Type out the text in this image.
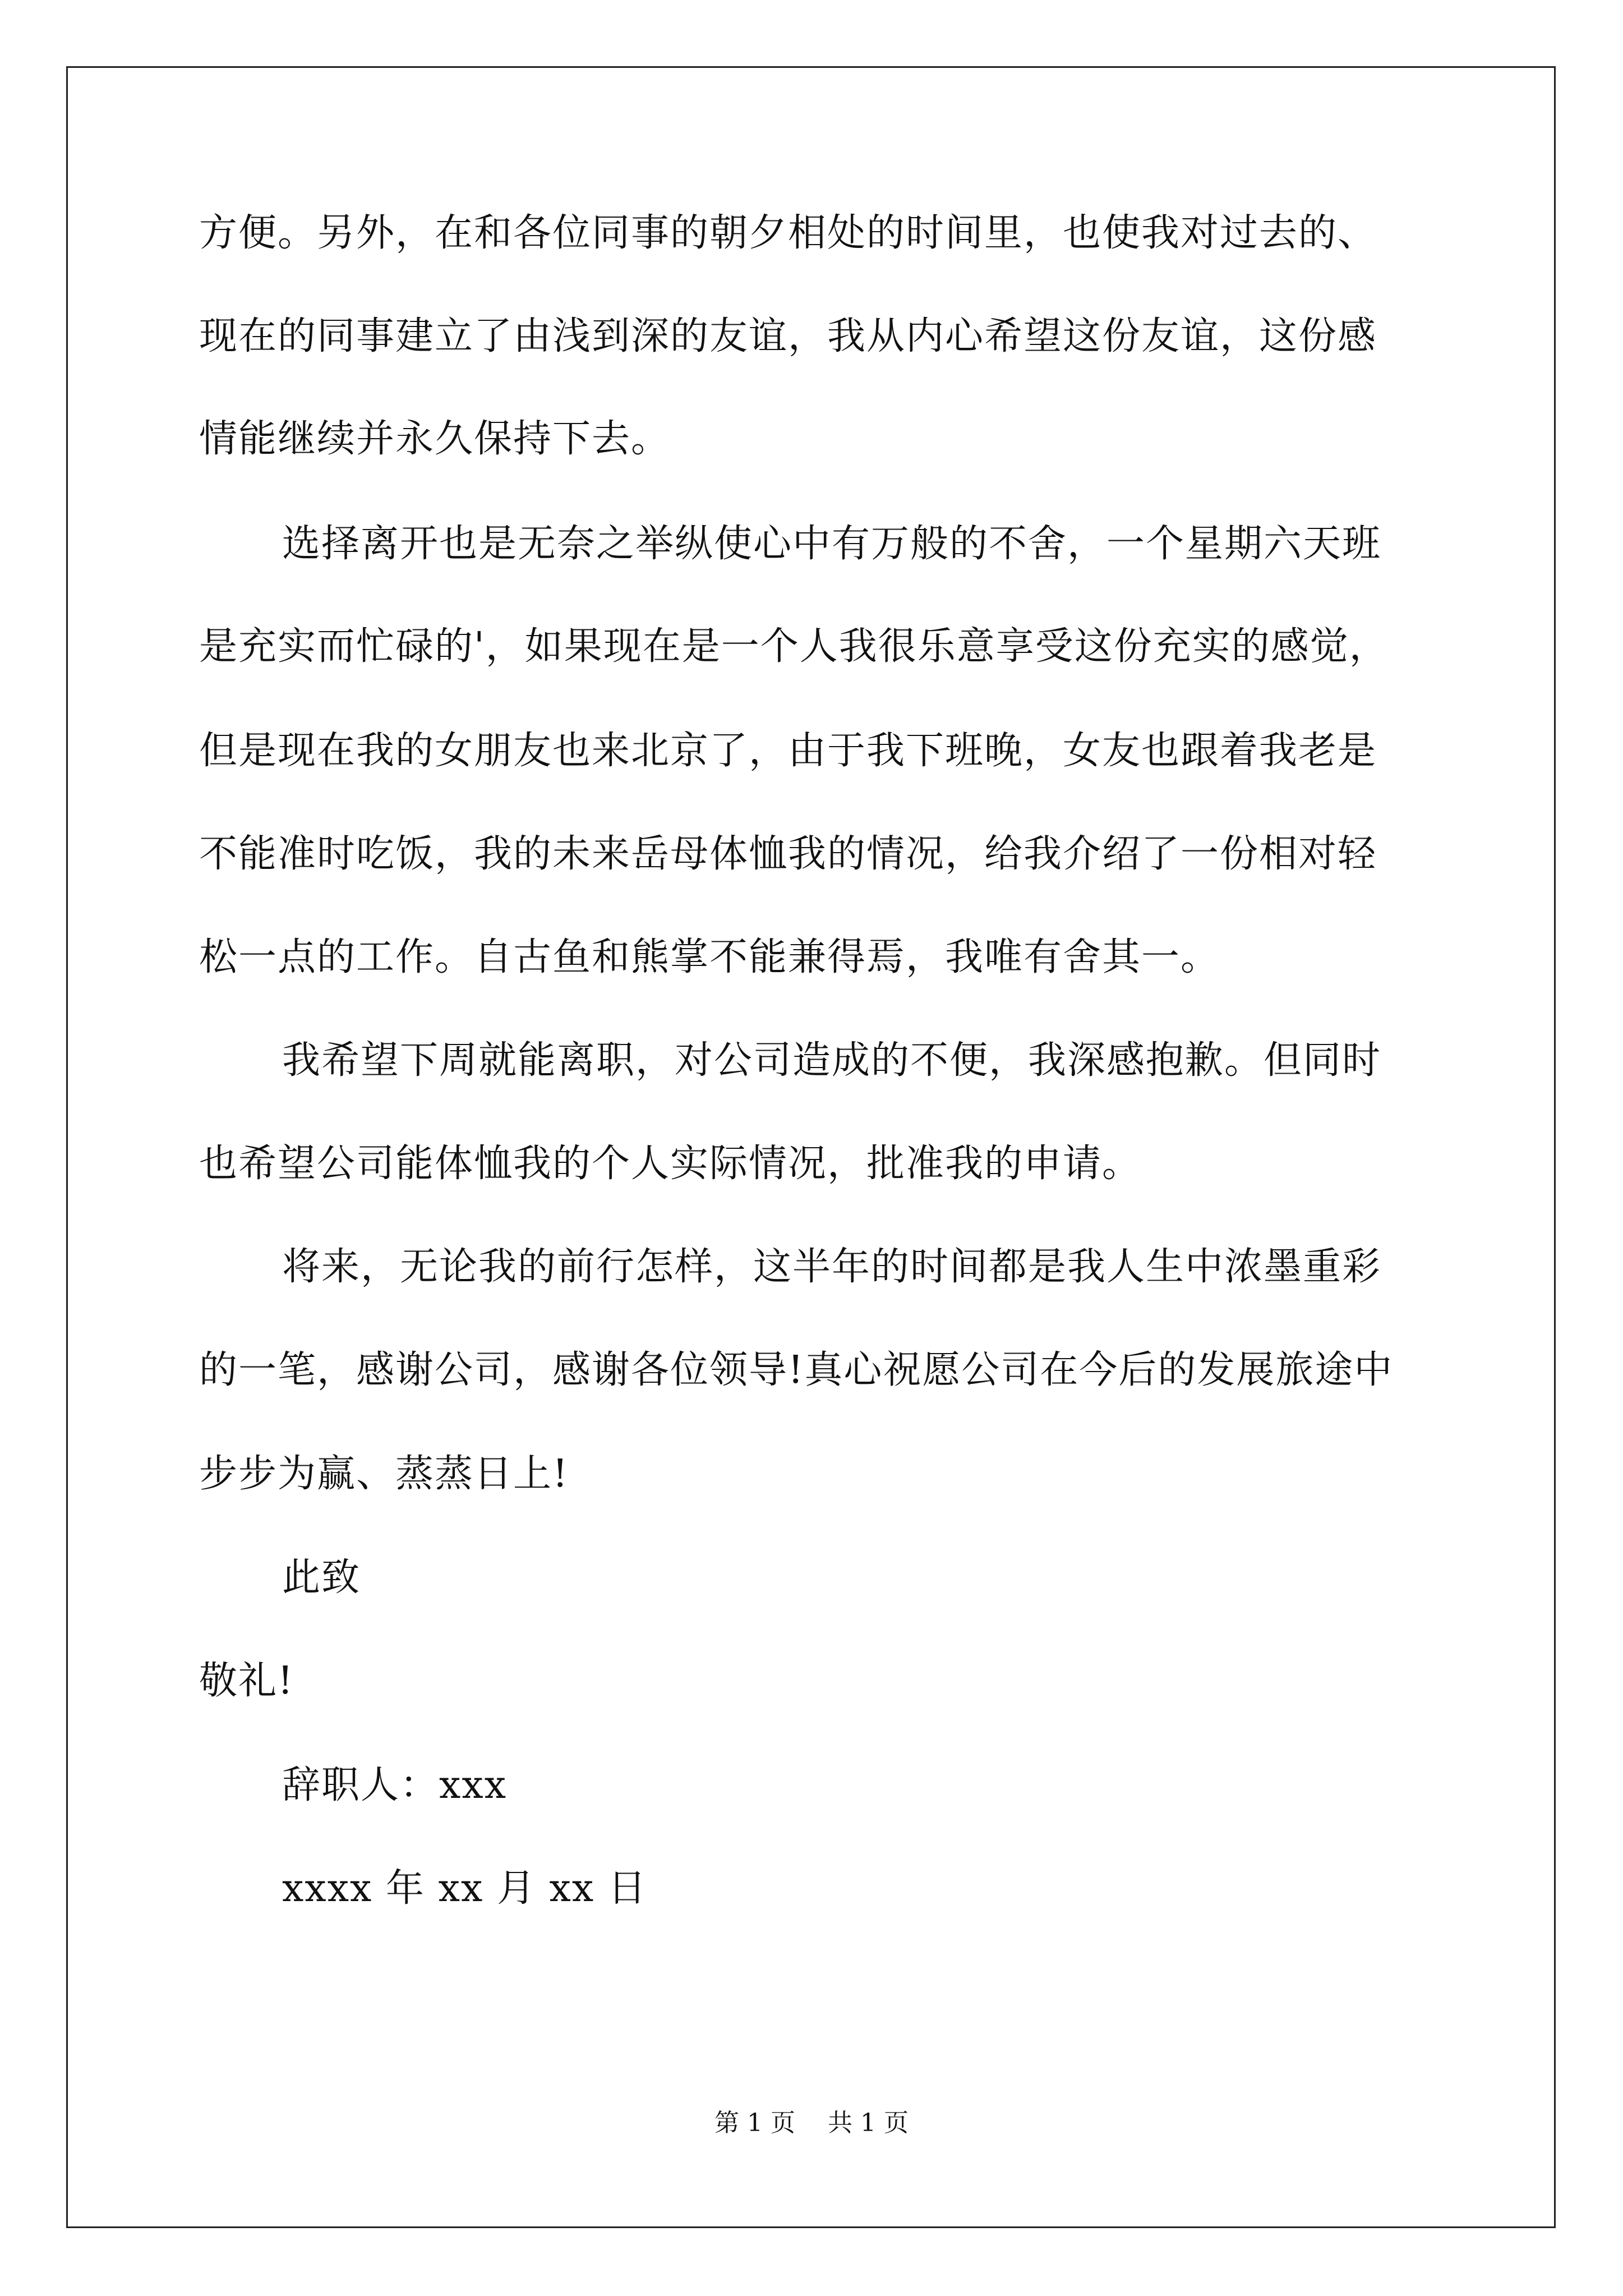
方便。另外，在和各位同事的朝夕相处的时间里，也使我对过去的、
现在的同事建立了由浅到深的友谊，我从内心希望这份友谊，这份感
情能继续并永久保持下去。
选择离开也是无奈之举纵使心中有万般的不舍，一个星期六天班
是充实而忙碌的'，如果现在是一个人我很乐意享受这份充实的感觉，
但是现在我的女朋友也来北京了，由于我下班晚，女友也跟着我老是
不能准时吃饭，我的未来岳母体恤我的情况，给我介绍了一份相对轻
松一点的工作。自古鱼和熊掌不能兼得焉，我唯有舍其一。
我希望下周就能离职，对公司造成的不便，我深感抱歉。但同时
也希望公司能体恤我的个人实际情况，批准我的申请。
将来，无论我的前行怎样，这半年的时间都是我人生中浓墨重彩
的一笔，感谢公司，感谢各位领导!真心祝愿公司在今后的发展旅途中
步步为赢、蒸蒸日上!
此致
敬礼!
辞职人：xxx
xxxx 年 xx 月 xx 日
第 1 页 共 1 页
